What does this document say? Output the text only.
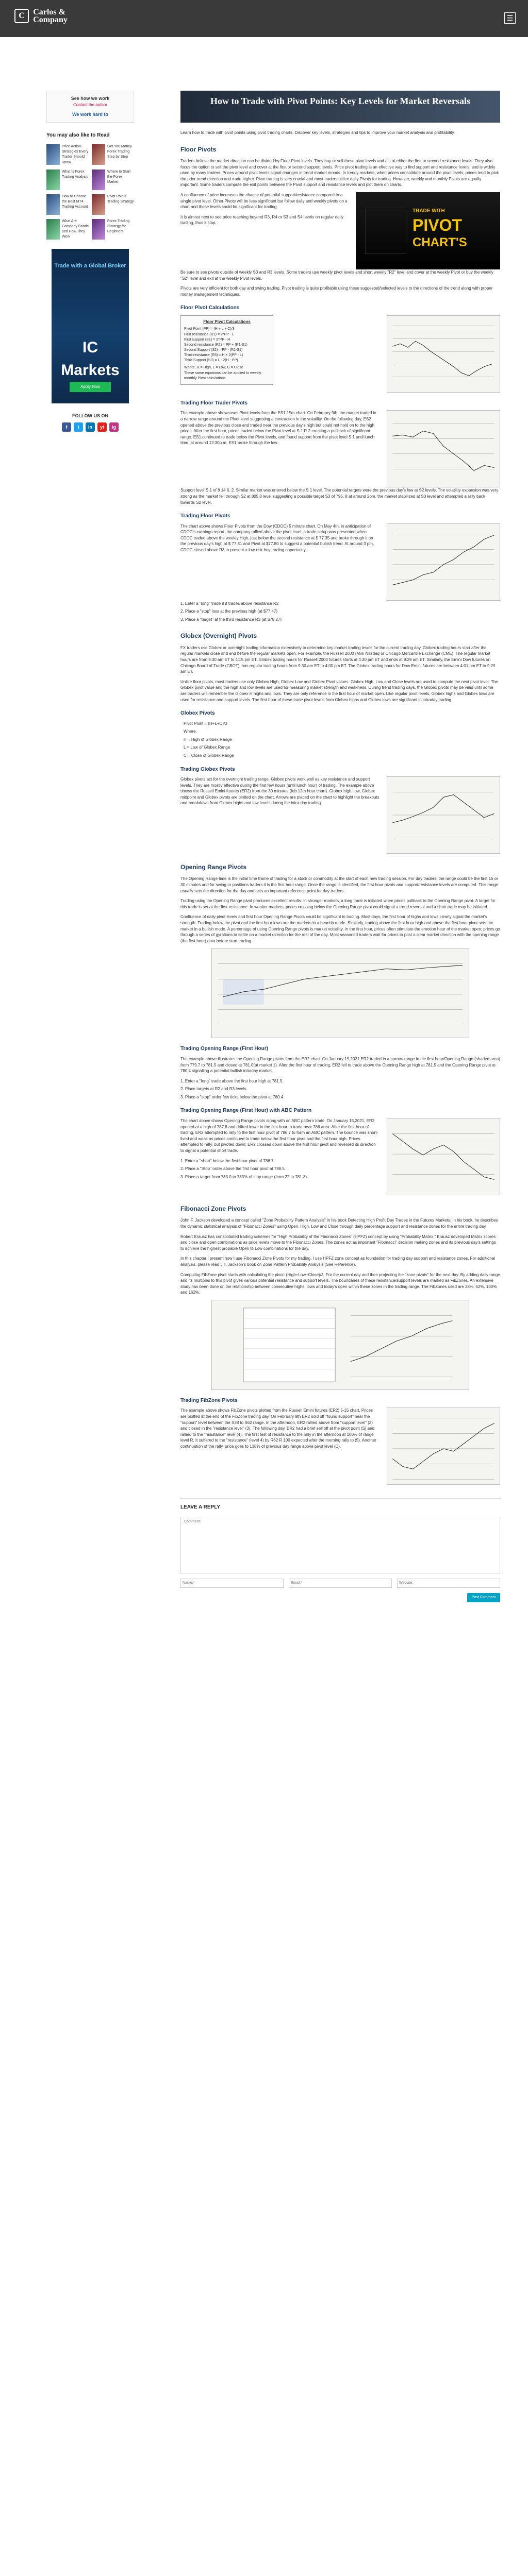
C Carlos &
Company	☰
See how we work
Contact the author
We work hard to
You may also like to Read
Price Action Strategies Every Trader Should Know
Get You Money Forex Trading Step by Step
What Is Forex Trading Analysis
Where to Start the Forex Market
How to Choose the Best MT4 Trading Account
Pivot Points Trading Strategy
What Are Company Bonds and How They Work
Forex Trading Strategy for Beginners
Trade with a Global Broker
IC Markets
Apply Now
FOLLOW US ON
f	t	in	yt	ig
How to Trade with Pivot Points: Key Levels for Market Reversals

Learn how to trade with pivot points using pivot trading charts. Discover key levels, strategies and tips to improve your market analysis and profitability.

Floor Pivots

Traders believe the market direction can be divided by Floor Pivot levels. They buy or sell these pivot levels and act at either the first or second resistance levels. They also focus the option to sell the pivot level and cover at the first or second support levels. Price pivot trading is an effective way to find support and resistance levels, and is widely used by many traders. Prices around pivot levels signal changes in trend market moods. In trendy markets, when prices consolidate around the pivot levels, prices tend to pick the prior trend direction and trade higher. Pivot trading is very crucial and most traders utilize daily Pivots for trading. However, weekly and monthly Pivots are equally important. Some traders compute the exit points between the Pivot support and resistance levels and plot them on charts.

A confluence of price increases the chance of potential support/resistance compared to a single pivot level. Other Pivots will be less significant but follow daily and weekly pivots on a chart and these levels could be significant for trading.

It is almost next to see price reaching beyond R3, R4 or S3 and S4 levels on regular daily trading, thus it stop.

TRADE WITH
PIVOT
CHART'S

Be sure to see pivots outside of weekly S3 and R3 levels. Some traders use weekly pivot levels and short weekly "R2" level and cover at the weekly Pivot or buy the weekly "S2" level and exit at the weekly Pivot levels.

Pivots are very efficient for both day and swing trading. Pivot trading is quite profitable using these suggested/selected levels to the directions of the trend along with proper money management techniques.

Floor Pivot Calculations
Floor Pivot Calculations
Pivot Point (PP) = (H + L + C)/3
First resistance (R1) = 2*PP - L
First support (S1) = 2*PP - H
Second resistance (R2) = PP + (R1-S1)
Second Support (S2) = PP - (R1-S1)
Third resistance (R3) = H + 2(PP - L)
Third Support (S3) = L - 2(H - PP)
Where, H = High, L = Low, C = Close
These same equations can be applied to weekly, monthly Pivot calculations.
Trading Floor Trader Pivots

The example above showcases Pivot levels from the ES1 15m chart. On February 9th, the market traded in a narrow range around the Pivot level suggesting a contraction in the volatility. On the following day, ES2 opened above the previous close and traded near the previous day's high but could not hold on to the high prices. After the first hour, prices traded below the Pivot level at S 1 R 2 creating a pullback of significant range. ES1 continued to trade below the Pivot levels, and found support from the pivot level S 1 until lunch time, at around 12:30p.m. ES1 broke through the low.

Support level S 1 of 8 14 6. 2. Similar market was entered below the S 1 level. The potential targets were the previous day's low at S2 levels. The volatility expansion was very strong as the market fell through S2 at 805.0 level suggesting a possible target S3 of 796. 8 at around 2pm, the market stabilized at S3 level and attempted a rally back towards S2 level.

Trading Floor Pivots

The chart above shows Floor Pivots from the Dow (CDOC) 5 minute chart. On May 4th, in anticipation of CDOC's earnings report, the company rallied above the pivot level; a trade setup was presented when CDOC traded above the weekly High, just below the second resistance at $ 77.35 and broke through it on the previous day's high at $ 77.81 and Pivot at $77.80 to suggest a potential bullish trend. At around 3 pm, CDOC closed above R3 to present a low-risk buy trading opportunity.

1. Enter a "long" trade if it trades above resistance R2
2. Place a "stop" loss at the previous high (at $77.47)
3. Place a "target" at the third resistance R3 (at $78.27)
Globex (Overnight) Pivots

FX traders use Globex or overnight trading information extensively to determine key market trading levels for the current trading day. Globex trading hours start after the regular markets close and end before the regular markets open. For example, the Russell 2000 (Mini Nasdaq or Chicago Mercantile Exchange (CME). The regular market hours are from 9:30 am ET to 4:15 pm ET. Globex trading hours for Russell 2000 futures starts at 4:30 pm ET and ends at 9:29 am ET. Similarly, the Emini Dow futures on Chicago Board of Trade (CBOT), has regular trading hours from 9:30 am ET to 4:00 pm ET. The Globex trading hours for Dow Emini futures are between 4:01 pm ET to 9:29 am ET.

Unlike floor pivots, most traders use only Globex High, Globex Low and Globex Pivot values. Globex High, Low and Close levels are used to compute the next pivot level. The Globex pivot value and the high and low levels are used for measuring market strength and weakness. During trend trading days, the Globex pivots may be valid until some are traders will remember the Globex H highs and lows. They are only reference in the first hour of market open. Like regular pivot levels, Globex highs and Globex lows are used for resistance and support levels. The first hour of these trade pivot levels from Globex highs and Globex lows are significant in intraday trading.

Globex Pivots
Pivot Point = (H+L+C)/3
Where,
H = High of Globex Range
L = Low of Globex Range
C = Close of Globex Range
Trading Globex Pivots

Globex pivots act for the overnight trading range. Globex pivots work well as key resistance and support levels. They are mostly effective during the first few hours (until lunch hour) of trading. The example above shows the Russell Emini futures (ER2) from the 30 minutes (feb 12th hour chart). Globex high, low, Globex midpoint and Globex pivots are plotted on the chart. Arrows are placed on the chart to highlight the breakouts and breakdown from Globex highs and low levels during the intra-day trading.

Opening Range Pivots

The Opening Range time is the initial time frame of trading for a stock or commodity at the start of each new trading session. For day traders, the range could be the first 15 or 30 minutes and for swing or positions traders it is the first hour range. Once the range is identified, the first hour pivots and support/resistance levels are computed. This range usually sets the direction for the day and acts an important reference point for day traders.

Trading using the Opening Range pivot produces excellent results. In stronger markets, a long trade is initiated when prices pullback to the Opening Range pivot. A target for this trade is set at the first resistance. In weaker markets, prices crossing below the Opening Range pivot could signal a trend reversal and a short trade may be initiated.

Confluence of daily pivot levels and first hour Opening Range Pivots could be significant in trading. Most days, the first hour of highs and lows clearly signal the market's strength. Trading below the pivot and the first hour lows are the markets in a bearish mode. Similarly, trading above the first hour high and above the first hour pivot sets the market in a bullish mode. A percentage of using Opening Range pivots is market volatility. In the first hour, prices often stimulate the emotion hour of the market open; prices go through a series of gyrations to settle on a market direction for the rest of the day. Most seasoned traders wait for prices to post a clear market direction with the opening range (the first hour) data before start trading.

Trading Opening Range (First Hour)

The example above illustrates the Opening Range pivots from the ER2 chart. On January 15,2021 ER2 traded in a narrow range in the first hour/Opening Range (shaded area) from 779.7 to 781.5 and closed at 781.0(at market 1). After the first hour of trading, ER2 fell to trade above the Opening Range high at 781.5 and the Opening Range pivot at 780.4 signalling a potential bullish intraday market.

1. Enter a "long" trade above the first hour high at 781.5.
2. Place targets at R2 and R3 levels.
3. Place a "stop" order few ticks below the pivot at 780.4.
Trading Opening Range (First Hour) with ABC Pattern

The chart above shows Opening Range pivots along with an ABC pattern trade. On January 15,2021, ER2 opened at a high of 787.8 and drifted lower in the first hour to trade near 786 area. After the first hour of trading, ER2 attempted to rally to the first hour pivot of 786.7 to form an ABC pattern. The bounce was short-lived and weak as prices continued to trade below the first hour pivot and the first hour high. Prices attempted to rally, but pivoted down; ER2 crossed down above the first hour pivot and reversed its direction to signal a potential short trade.

1. Enter a "short" below the first hour pivot of 786.7.
2. Place a "Stop" order above the first hour pivot at 788.5.
3. Place a target from 783.0 to 783% of stop range (from 22 to 781.3).
Fibonacci Zone Pivots

John F. Jackson developed a concept called "Zone Probability Pattern Analysis" in his book Detecting High Profit Day Trades in the Futures Markets. In his book, he describes the dynamic statistical analysis of "Fibonacci Zones" using Open, High, Low and Close through daily percentage support and resistance zones for the entire trading day.

Robert Krausz has consolidated trading schemes for "High Probability of the Fibonacci Zones" (HPFZ) concept by using "Probability Matrix." Krausz developed Matrix scores and close and open combinations as price levels move to the Fibonacci Zones. The zones act as important "Fibonacci" decision making zones and its previous day's settings to achieve the highest probable Open to Low combinations for the day.

In this chapter I present how I use Fibonacci Zone Pivots for my trading. I use HPFZ zone concept as foundation for trading day support and resistance zones. For additional analysis, please read J.T. Jackson's book on Zone Pattern Probability Analysis (See Reference).

Computing FibZone pivot starts with calculating the pivot: (High+Low+Close)/3. For the current day and then projecting the "zone pivots" for the next day. By adding daily range and its multiples to this pivot gives various potential resistance and support levels. The boundaries of these resistance/support levels are marked as FibZones. An extensive study has been done on the relationship between consecutive highs, lows and today's open within these zones in the trading range. The FibZones used are 38%, 62%, 100% and 162%.

Trading FibZone Pivots

The example above shows FibZone pivots plotted from the Russell Emini futures (ER2) 5-15 chart. Prices are plotted at the end of the FibZone trading day. On February 9th ER2 sold off "found support" near the "support" level between the S38 to S62 range. In the afternoon, ER2 rallied above from "support level" (2) and closed in the "resistance level" (3). The following day, ER2 had a brief sell off at the pivot point (S) and rallied to the "resistance" level (4). The first test of resistance to the rally in the afternoon at 100% of range level R. It suffered to the "resistance" (level 4) by R62 R 100 expected after the morning rally to (5). Another continuation of the rally, price goes to 138% of previous day range above pivot level (D).

LEAVE A REPLY
Comment:
Name:*
Email:*
Website:
Post Comment
